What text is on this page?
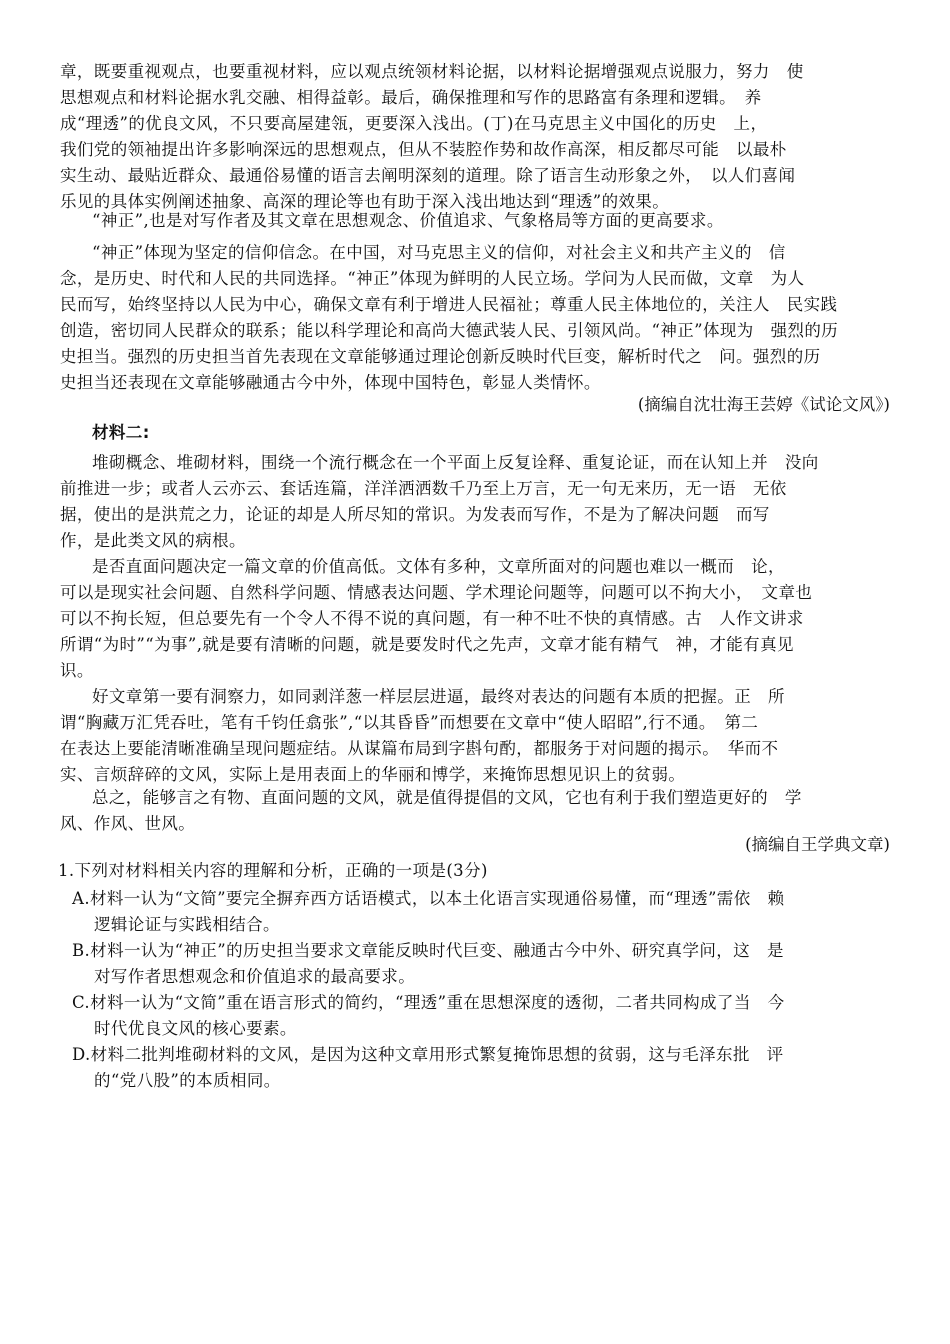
章，既要重视观点，也要重视材料，应以观点统领材料论据，以材料论据增强观点说服力，努力　使
思想观点和材料论据水乳交融、相得益彰。最后，确保推理和写作的思路富有条理和逻辑。　养
成“理透”的优良文风，不只要高屋建瓴，更要深入浅出。(丁)在马克思主义中国化的历史　上，
我们党的领袖提出许多影响深远的思想观点，但从不装腔作势和故作高深，相反都尽可能　以最朴
实生动、最贴近群众、最通俗易懂的语言去阐明深刻的道理。除了语言生动形象之外，　以人们喜闻
乐见的具体实例阐述抽象、高深的理论等也有助于深入浅出地达到“理透”的效果。
“神正”,也是对写作者及其文章在思想观念、价值追求、气象格局等方面的更高要求。
“神正”体现为坚定的信仰信念。在中国，对马克思主义的信仰，对社会主义和共产主义的　信
念，是历史、时代和人民的共同选择。“神正”体现为鲜明的人民立场。学问为人民而做，文章　为人
民而写，始终坚持以人民为中心，确保文章有利于增进人民福祉；尊重人民主体地位的，关注人　民实践
创造，密切同人民群众的联系；能以科学理论和高尚大德武装人民、引领风尚。“神正”体现为　强烈的历
史担当。强烈的历史担当首先表现在文章能够通过理论创新反映时代巨变，解析时代之　问。强烈的历
史担当还表现在文章能够融通古今中外，体现中国特色，彰显人类情怀。
(摘编自沈壮海王芸婷《试论文风》)
材料二:
堆砌概念、堆砌材料，围绕一个流行概念在一个平面上反复诠释、重复论证，而在认知上并　没向
前推进一步；或者人云亦云、套话连篇，洋洋洒洒数千乃至上万言，无一句无来历，无一语　无依
据，使出的是洪荒之力，论证的却是人所尽知的常识。为发表而写作，不是为了解决问题　而写
作，是此类文风的病根。
是否直面问题决定一篇文章的价值高低。文体有多种，文章所面对的问题也难以一概而　论，
可以是现实社会问题、自然科学问题、情感表达问题、学术理论问题等，问题可以不拘大小，　文章也
可以不拘长短，但总要先有一个令人不得不说的真问题，有一种不吐不快的真情感。古　人作文讲求
所谓“为时”“为事”,就是要有清晰的问题，就是要发时代之先声，文章才能有精气　神，才能有真见
识。
好文章第一要有洞察力，如同剥洋葱一样层层进逼，最终对表达的问题有本质的把握。正　所
谓“胸藏万汇凭吞吐，笔有千钧任翕张”,“以其昏昏”而想要在文章中“使人昭昭”,行不通。　第二
在表达上要能清晰准确呈现问题症结。从谋篇布局到字斟句酌，都服务于对问题的揭示。　华而不
实、言烦辞碎的文风，实际上是用表面上的华丽和博学，来掩饰思想见识上的贫弱。
总之，能够言之有物、直面问题的文风，就是值得提倡的文风，它也有利于我们塑造更好的　学
风、作风、世风。
(摘编自王学典文章)
1.下列对材料相关内容的理解和分析，正确的一项是(3分)
A.材料一认为“文简”要完全摒弃西方话语模式，以本土化语言实现通俗易懂，而“理透”需依　赖
逻辑论证与实践相结合。
B.材料一认为“神正”的历史担当要求文章能反映时代巨变、融通古今中外、研究真学问，这　是
对写作者思想观念和价值追求的最高要求。
C.材料一认为“文简”重在语言形式的简约，“理透”重在思想深度的透彻，二者共同构成了当　今
时代优良文风的核心要素。
D.材料二批判堆砌材料的文风，是因为这种文章用形式繁复掩饰思想的贫弱，这与毛泽东批　评
的“党八股”的本质相同。
